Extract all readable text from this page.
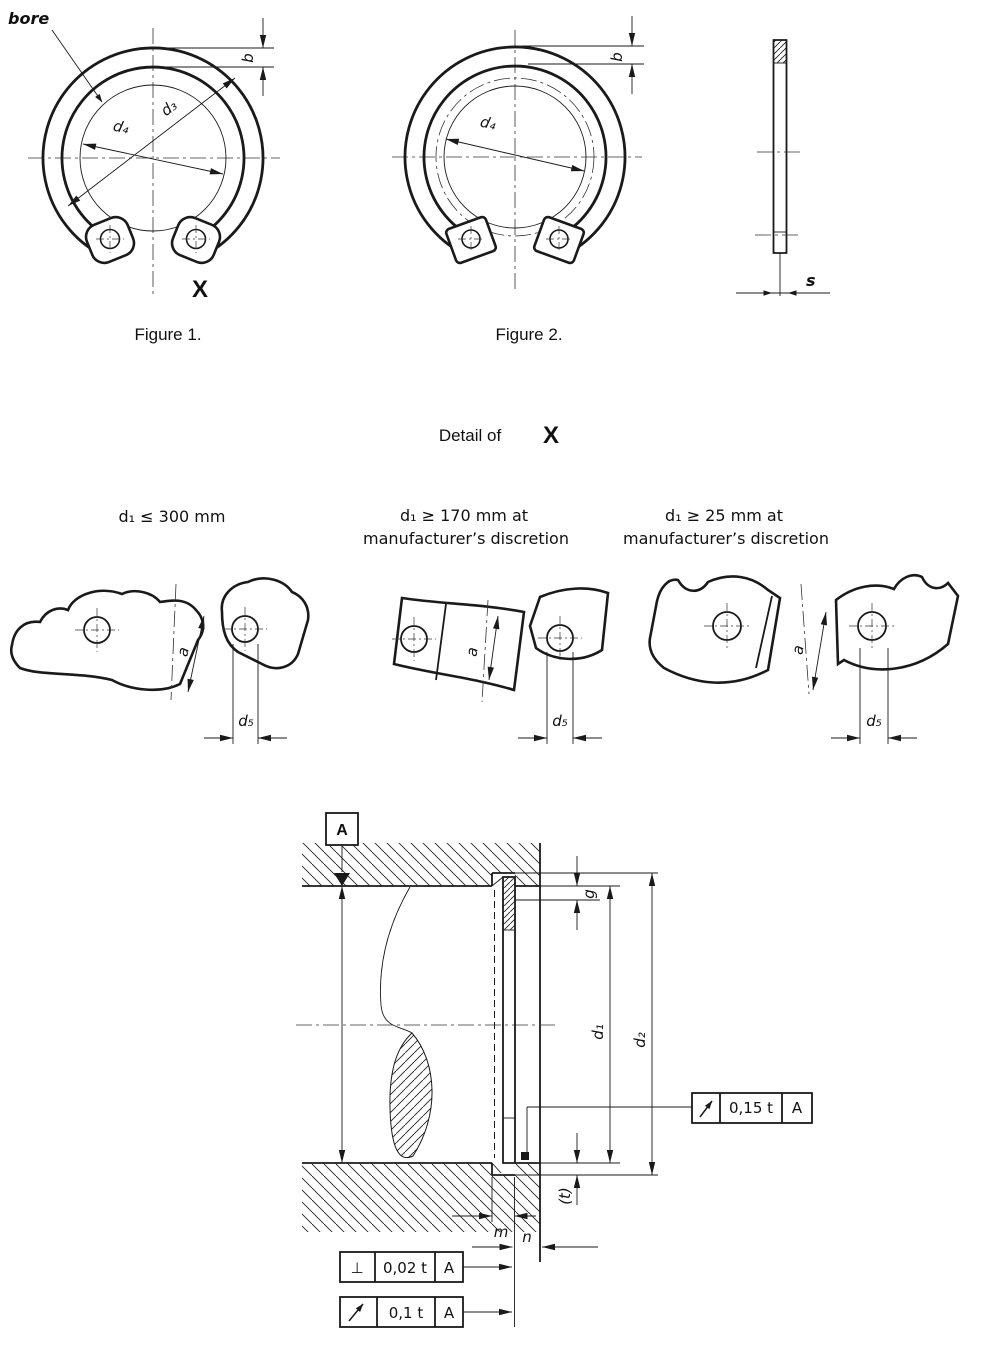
b
d₃
d₄
bore
X
Figure 1.
b
d₄
Figure 2.
s
Detail of X
d₁ ≤ 300 mm	d₁ ≥ 170 mm at
manufacturer’s discretion
d₁ ≥ 25 mm at
manufacturer’s discretion
a
d₅
a
d₅
a
d₅
A
g
d₁
d₂
(t)
m n
0,15 t A
⊥ 0,02 t A
0,1 t A
